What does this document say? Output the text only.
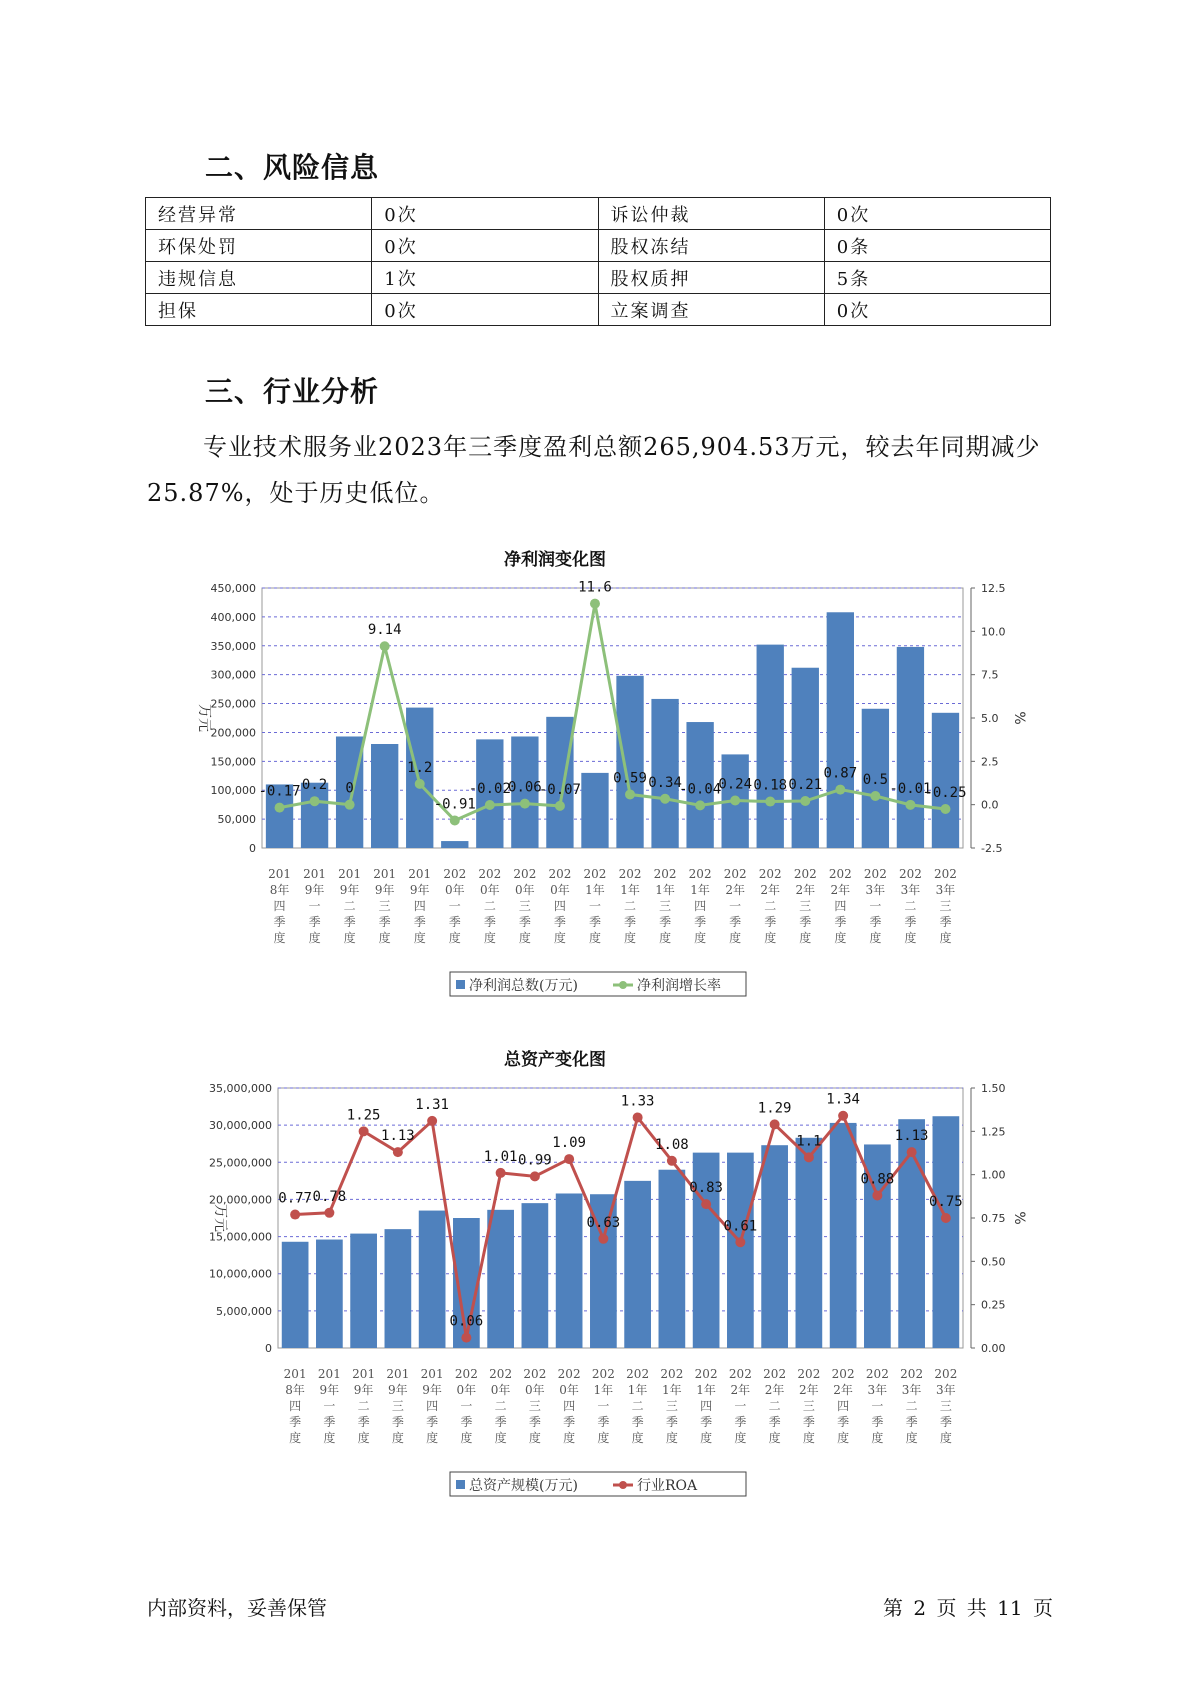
二、风险信息
经营异常	0次	诉讼仲裁	0次
环保处罚	0次	股权冻结	0条
违规信息	1次	股权质押	5条
担保	0次	立案调查	0次
三、行业分析

专业技术服务业2023年三季度盈利总额265,904.53万元，较去年同期减少25.87%，处于历史低位。

净利润变化图
0
50,000
100,000
150,000
200,000
250,000
300,000
350,000
400,000
450,000
-2.5
0.0
2.5
5.0
7.5
10.0
12.5
万元	%
-0.17 0.2 0
9.14
1.2
-0.91
-0.02
0.06
-0.07
11.6
0.59 0.34
-0.04
0.24 0.18 0.21
0.87 0.5
-0.01
-0.25
201
8年
四
季
度
201
9年
一
季
度
201
9年
二
季
度
201
9年
三
季
度
201
9年
四
季
度
202
0年
一
季
度
202
0年
二
季
度
202
0年
三
季
度
202
0年
四
季
度
202
1年
一
季
度
202
1年
二
季
度
202
1年
三
季
度
202
1年
四
季
度
202
2年
一
季
度
202
2年
二
季
度
202
2年
三
季
度
202
2年
四
季
度
202
3年
一
季
度
202
3年
二
季
度
202
3年
三
季
度
净利润总数(万元)	净利润增长率
总资产变化图
0
5,000,000
10,000,000
15,000,000
20,000,000
25,000,000
30,000,000
35,000,000
0.00
0.25
0.50
0.75
1.00
1.25
1.50
万元	%
0.77 0.78
1.25
1.13
1.31
0.06
1.01 0.99
1.09
0.63
1.33
1.08
0.83
0.61
1.29
1.1
1.34
0.88
1.13
0.75
201
8年
四
季
度
201
9年
一
季
度
201
9年
二
季
度
201
9年
三
季
度
201
9年
四
季
度
202
0年
一
季
度
202
0年
二
季
度
202
0年
三
季
度
202
0年
四
季
度
202
1年
一
季
度
202
1年
二
季
度
202
1年
三
季
度
202
1年
四
季
度
202
2年
一
季
度
202
2年
二
季
度
202
2年
三
季
度
202
2年
四
季
度
202
3年
一
季
度
202
3年
二
季
度
202
3年
三
季
度
总资产规模(万元)	行业ROA
内部资料，妥善保管	第 2 页 共 11 页
